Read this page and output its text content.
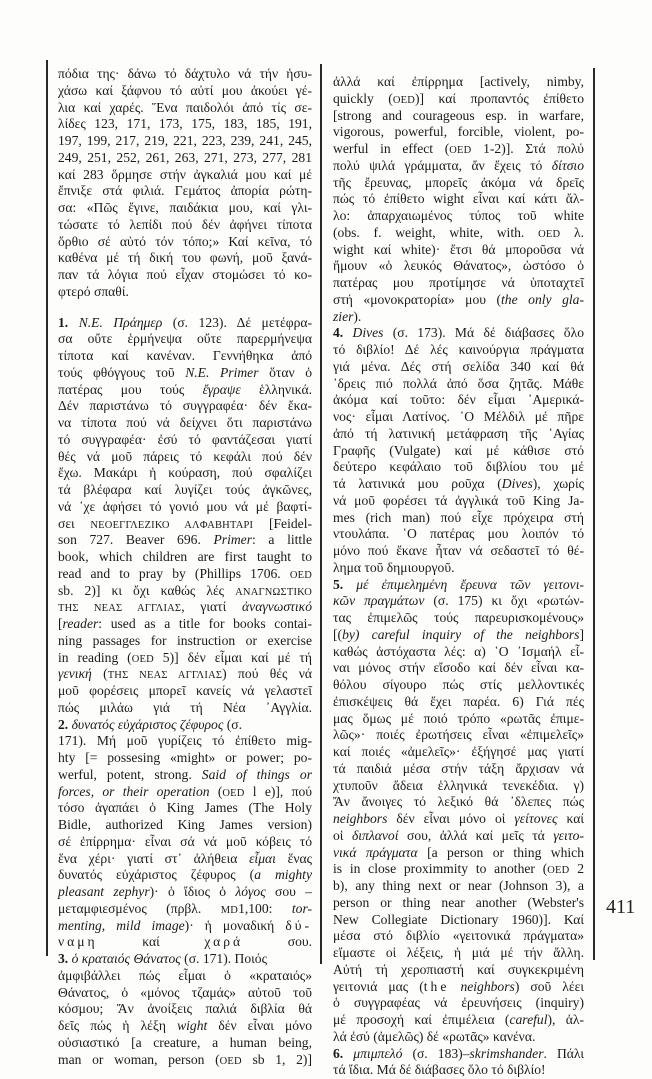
πόδια της· δάνω τό δάχτυλο νά τήν ἡσυ-
χάσω καί ξάφνου τό αὐτί μου ἀκούει γέ-
λια καί χαρές. Ἕνα παιδολόι ἀπό τίς σε-
λίδες 123, 171, 173, 175, 183, 185, 191,
197, 199, 217, 219, 221, 223, 239, 241, 245,
249, 251, 252, 261, 263, 271, 273, 277, 281
καί 283 ὅρμησε στήν ἀγκαλιά μου καί μέ
ἔπνιξε στά φιλιά. Γεμάτος ἀπορία ρώτη-
σα: «Πῶς ἔγινε, παιδάκια μου, καί γλι-
τώσατε τό λεπίδι πού δέν ἀφήνει τίποτα
ὄρθιο σέ αὐτό τόν τόπο;» Καί κεῖνα, τό
καθένα μέ τή δική του φωνή, μοῦ ξανά-
παν τά λόγια πού εἶχαν στομώσει τό κο-
φτερό σπαθί.
1. N.E. Πράημερ (σ. 123). Δέ μετέφρα-
σα οὔτε ἑρμήνεψα οὔτε παρερμήνεψα
τίποτα καί κανέναν. Γεννήθηκα ἀπό
τούς φθόγγους τοῦ N.E. Primer ὅταν ὁ
πατέρας μου τούς ἔγραψε ἑλληνικά.
Δέν παριστάνω τό συγγραφέα· δέν ἔκα-
να τίποτα πού νά δείχνει ὅτι παριστάνω
τό συγγραφέα· ἐσύ τό φαντάζεσαι γιατί
θές νά μοῦ πάρεις τό κεφάλι πού δέν
ἔχω. Μακάρι ἡ κούραση, πού σφαλίζει
τά βλέφαρα καί λυγίζει τούς ἀγκῶνες,
νά ᾽χε ἀφήσει τό γονιό μου νά μέ βαφτί-
σει ΝΕΟΕΓΓΛΕΖΙΚΟ ΑΛΦΑΒΗΤΑΡΙ [Feidel-
son 727. Beaver 696. Primer: a little
book, which children are first taught to
read and to pray by (Phillips 1706. OED
sb. 2)] κι ὄχι καθώς λές ΑΝΑΓΝΩΣΤΙΚΟ
ΤΗΣ ΝΕΑΣ ΑΓΓΛΙΑΣ, γιατί ἀναγνωστικό
[reader: used as a title for books contai-
ning passages for instruction or exercise
in reading (OED 5)] δέν εἶμαι καί μέ τή
γενική (ΤΗΣ ΝΕΑΣ ΑΓΓΛΙΑΣ) πού θές νά
μοῦ φορέσεις μπορεῖ κανείς νά γελαστεῖ
πώς μιλάω γιά τή Νέα ᾽Αγγλία.
2. δυνατός εὐχάριστος ζέφυρος (σ.
171). Μή μοῦ γυρίζεις τό ἐπίθετο mig-
hty [= possesing «might» or power; po-
werful, potent, strong. Said of things or
forces, or their operation (OED l e)], πού
τόσο ἀγαπάει ὁ King James (The Holy
Bidle, authorized King James version)
σέ ἐπίρρημα· εἶναι σά νά μοῦ κόβεις τό
ἕνα χέρι· γιατί στ᾽ ἀλήθεια εἶμαι ἕνας
δυνατός εὐχάριστος ζέφυρος (a mighty
pleasant zephyr)· ὁ ἴδιος ὁ λόγος σου –
μεταμφιεσμένος (πρβλ. MD1,100: tor-
menting, mild image)· ἡ μοναδική δύ-
ναμη καί χαρά σου.
3. ὁ κραταιός Θάνατος (σ. 171). Ποιός
ἀμφιβάλλει πώς εἶμαι ὁ «κραταιός»
Θάνατος, ὁ «μόνος τζαμάς» αὐτοῦ τοῦ
κόσμου; Ἄν ἀνοίξεις παλιά διβλία θά
δεῖς πώς ἡ λέξη wight δέν εἶναι μόνο
οὐσιαστικό [a creature, a human being,
man or woman, person (OED sb 1, 2)]
ἀλλά καί ἐπίρρημα [actively, nimby,
quickly (OED)] καί προπαντός ἐπίθετο
[strong and courageous esp. in warfare,
vigorous, powerful, forcible, violent, po-
werful in effect (OED 1-2)]. Στά πολύ
πολύ ψιλά γράμματα, ἄν ἔχεις τό δίτσιο
τῆς ἔρευνας, μπορεῖς ἀκόμα νά δρεῖς
πώς τό ἐπίθετο wight εἶναι καί κάτι ἄλ-
λο: ἀπαρχαιωμένος τύπος τοῦ white
(obs. f. weight, white, with. OED λ.
wight καί white)· ἔτσι θά μποροῦσα νά
ἤμουν «ὁ λευκός Θάνατος», ὡστόσο ὁ
πατέρας μου προτίμησε νά ὑποταχτεῖ
στή «μονοκρατορία» μου (the only gla-
zier).
4. Dives (σ. 173). Μά δέ διάβασες ὅλο
τό διβλίο! Δέ λές καινούργια πράγματα
γιά μένα. Δές στή σελίδα 340 καί θά
᾽δρεις πιό πολλά ἀπό ὅσα ζητᾶς. Μάθε
ἀκόμα καί τοῦτο: δέν εἶμαι ᾽Αμερικά-
νος· εἶμαι Λατίνος. ῾Ο Μέλδιλ μέ πῆρε
ἀπό τή λατινική μετάφραση τῆς ῾Αγίας
Γραφῆς (Vulgate) καί μέ κάθισε στό
δεύτερο κεφάλαιο τοῦ διβλίου του μέ
τά λατινικά μου ροῦχα (Dives), χωρίς
νά μοῦ φορέσει τά ἀγγλικά τοῦ King Ja-
mes (rich man) πού εἶχε πρόχειρα στή
ντουλάπα. ῾Ο πατέρας μου λοιπόν τό
μόνο πού ἔκανε ἦταν νά σεδαστεῖ τό θέ-
λημα τοῦ δημιουργοῦ.
5. μέ ἐπιμελημένη ἔρευνα τῶν γειτονι-
κῶν πραγμάτων (σ. 175) κι ὄχι «ρωτών-
τας ἐπιμελῶς τούς παρευρισκομένους»
[(by) careful inquiry of the neighbors]
καθώς ἀστόχαστα λές: α) ῾Ο ᾽Ισμαήλ εἶ-
ναι μόνος στήν εἴσοδο καί δέν εἶναι κα-
θόλου σίγουρο πώς στίς μελλοντικές
ἐπισκέψεις θά ἔχει παρέα. 6) Γιά πές
μας ὅμως μέ ποιό τρόπο «ρωτᾶς ἐπιμε-
λῶς»· ποιές ἐρωτήσεις εἶναι «ἐπιμελεῖς»
καί ποιές «ἀμελεῖς»· ἐξήγησέ μας γιατί
τά παιδιά μέσα στήν τάξη ἄρχισαν νά
χτυποῦν ἄδεια ἑλληνικά τενεκέδια. γ)
Ἄν ἄνοιγες τό λεξικό θά ᾽δλεπες πώς
neighbors δέν εἶναι μόνο οἱ γείτονες καί
οἱ διπλανοί σου, ἀλλά καί μεῖς τά γειτο-
νικά πράγματα [a person or thing which
is in close proximmity to another (OED 2
b), any thing next or near (Johnson 3), a
person or thing near another (Webster's
New Collegiate Dictionary 1960)]. Καί
μέσα στό διβλίο «γειτονικά πράγματα»
εἴμαστε οἱ λέξεις, ἡ μιά μέ τήν ἄλλη.
Αὐτή τή χεροπιαστή καί συγκεκριμένη
γειτονιά μας (the neighbors) σοῦ λέει
ὁ συγγραφέας νά ἐρευνήσεις (inquiry)
μέ προσοχή καί ἐπιμέλεια (careful), ἀλ-
λά ἐσύ (ἀμελῶς) δέ «ρωτᾶς» κανένα.
6. μπιμπελό (σ. 183)–skrimshander. Πάλι
τά ἴδια. Μά δέ διάβασες ὅλο τό διβλίο!
411
